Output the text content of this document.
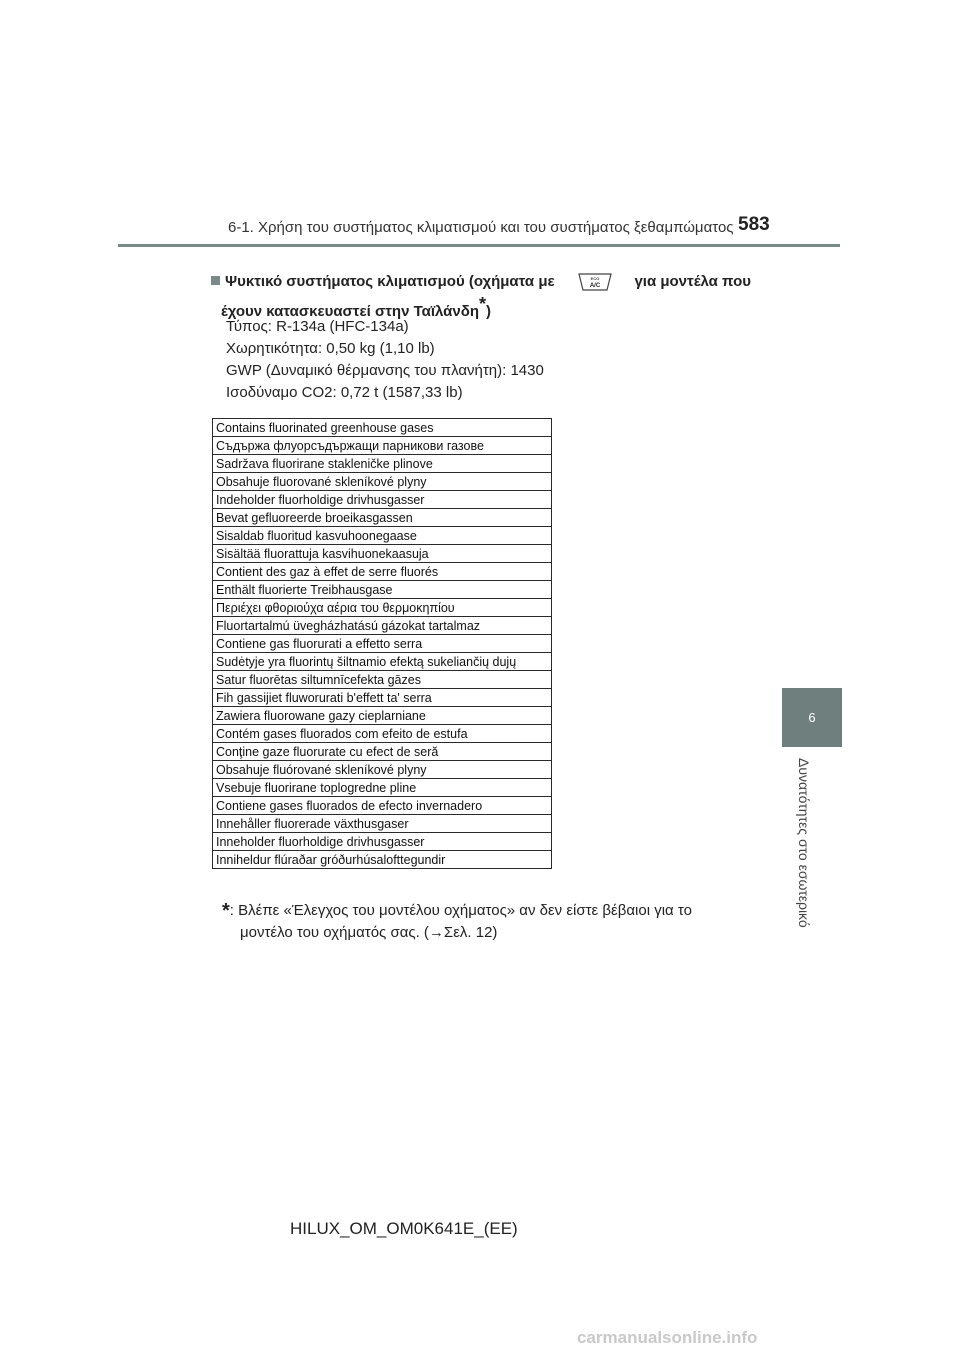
6-1. Χρήση του συστήματος κλιματισμού και του συστήματος ξεθαμπώματος 583
6
Δυνατότητες στο εσωτερικό
Ψυκτικό συστήματος κλιματισμού (οχήματα με	ECO
A/C για μοντέλα που
έχουν κατασκευαστεί στην Ταϊλάνδη*)
Τύπος: R-134a (HFC-134a)
Χωρητικότητα: 0,50 kg (1,10 lb)
GWP (Δυναμικό θέρμανσης του πλανήτη): 1430
Ισοδύναμο CO2: 0,72 t (1587,33 lb)
Contains fluorinated greenhouse gases
Съдържа флуорсъдържащи парникови газове
Sadržava fluorirane stakleničke plinove
Obsahuje fluorované skleníkové plyny
Indeholder fluorholdige drivhusgasser
Bevat gefluoreerde broeikasgassen
Sisaldab fluoritud kasvuhoonegaase
Sisältää fluorattuja kasvihuonekaasuja
Contient des gaz à effet de serre fluorés
Enthält fluorierte Treibhausgase
Περιέχει φθοριούχα αέρια του θερμοκηπίου
Fluortartalmú üvegházhatású gázokat tartalmaz
Contiene gas fluorurati a effetto serra
Sudėtyje yra fluorintų šiltnamio efektą sukeliančių dujų
Satur fluorētas siltumnīcefekta gāzes
Fih gassijiet fluworurati b'effett ta' serra
Zawiera fluorowane gazy cieplarniane
Contém gases fluorados com efeito de estufa
Conţine gaze fluorurate cu efect de seră
Obsahuje fluórované skleníkové plyny
Vsebuje fluorirane toplogredne pline
Contiene gases fluorados de efecto invernadero
Innehåller fluorerade växthusgaser
Inneholder fluorholdige drivhusgasser
Inniheldur flúraðar gróðurhúsalofttegundir
*: Βλέπε «Έλεγχος του μοντέλου οχήματος» αν δεν είστε βέβαιοι για το
μοντέλο του οχήματός σας. (→Σελ. 12)
HILUX_OM_OM0K641E_(EE)
carmanualsonline.info
